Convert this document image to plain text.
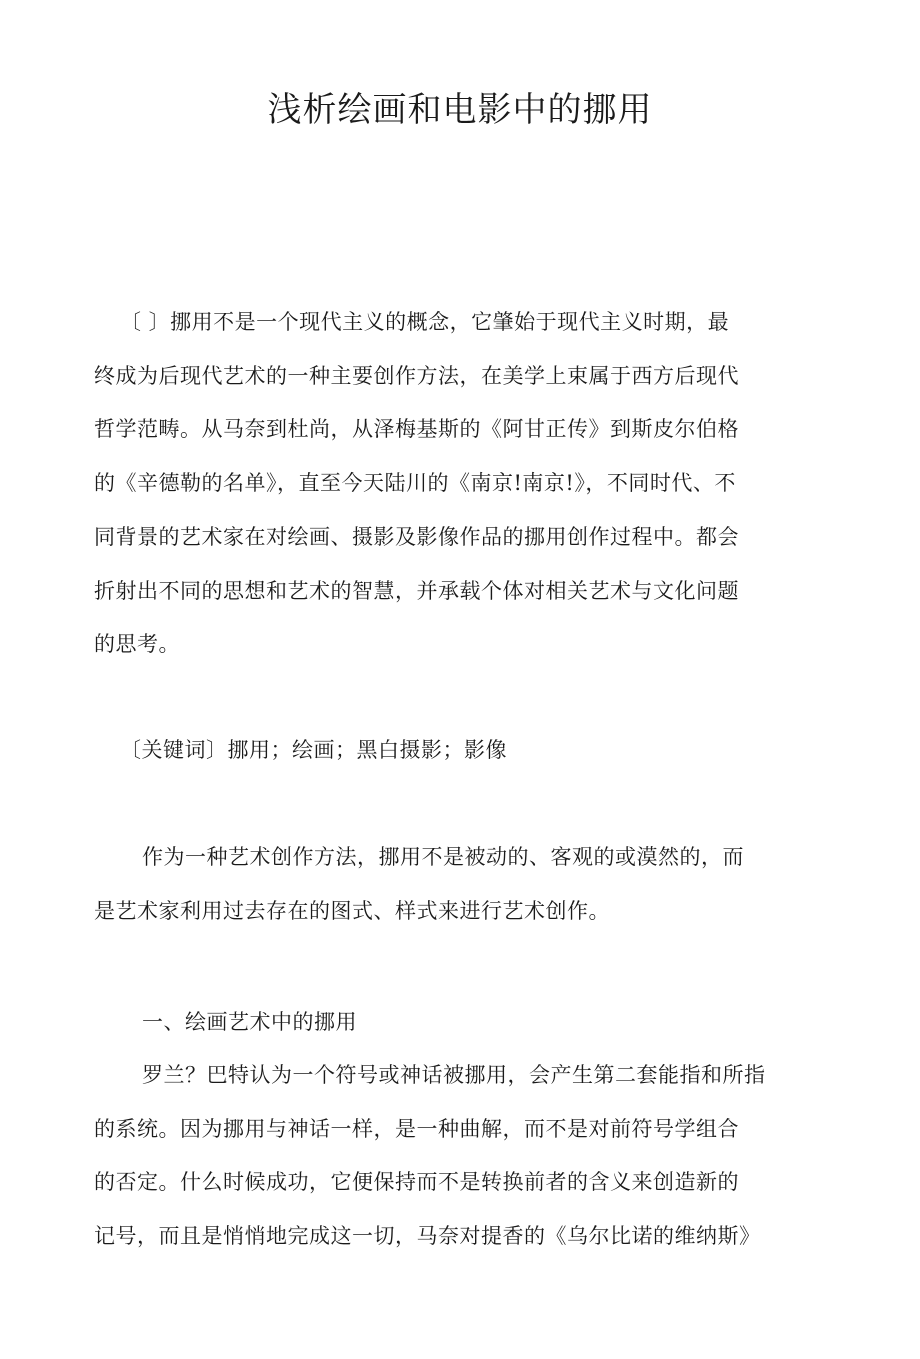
浅析绘画和电影中的挪用
〔 〕挪用不是一个现代主义的概念，它肇始于现代主义时期，最
终成为后现代艺术的一种主要创作方法，在美学上束属于西方后现代
哲学范畴。从马奈到杜尚，从泽梅基斯的《阿甘正传》到斯皮尔伯格
的《辛德勒的名单》，直至今天陆川的《南京!南京!》，不同时代、不
同背景的艺术家在对绘画、摄影及影像作品的挪用创作过程中。都会
折射出不同的思想和艺术的智慧，并承载个体对相关艺术与文化问题
的思考。
〔关键词〕挪用；绘画；黑白摄影；影像
作为一种艺术创作方法，挪用不是被动的、客观的或漠然的，而
是艺术家利用过去存在的图式、样式来进行艺术创作。
一、绘画艺术中的挪用
罗兰？巴特认为一个符号或神话被挪用，会产生第二套能指和所指
的系统。因为挪用与神话一样，是一种曲解，而不是对前符号学组合
的否定。什么时候成功，它便保持而不是转换前者的含义来创造新的
记号，而且是悄悄地完成这一切，马奈对提香的《乌尔比诺的维纳斯》
